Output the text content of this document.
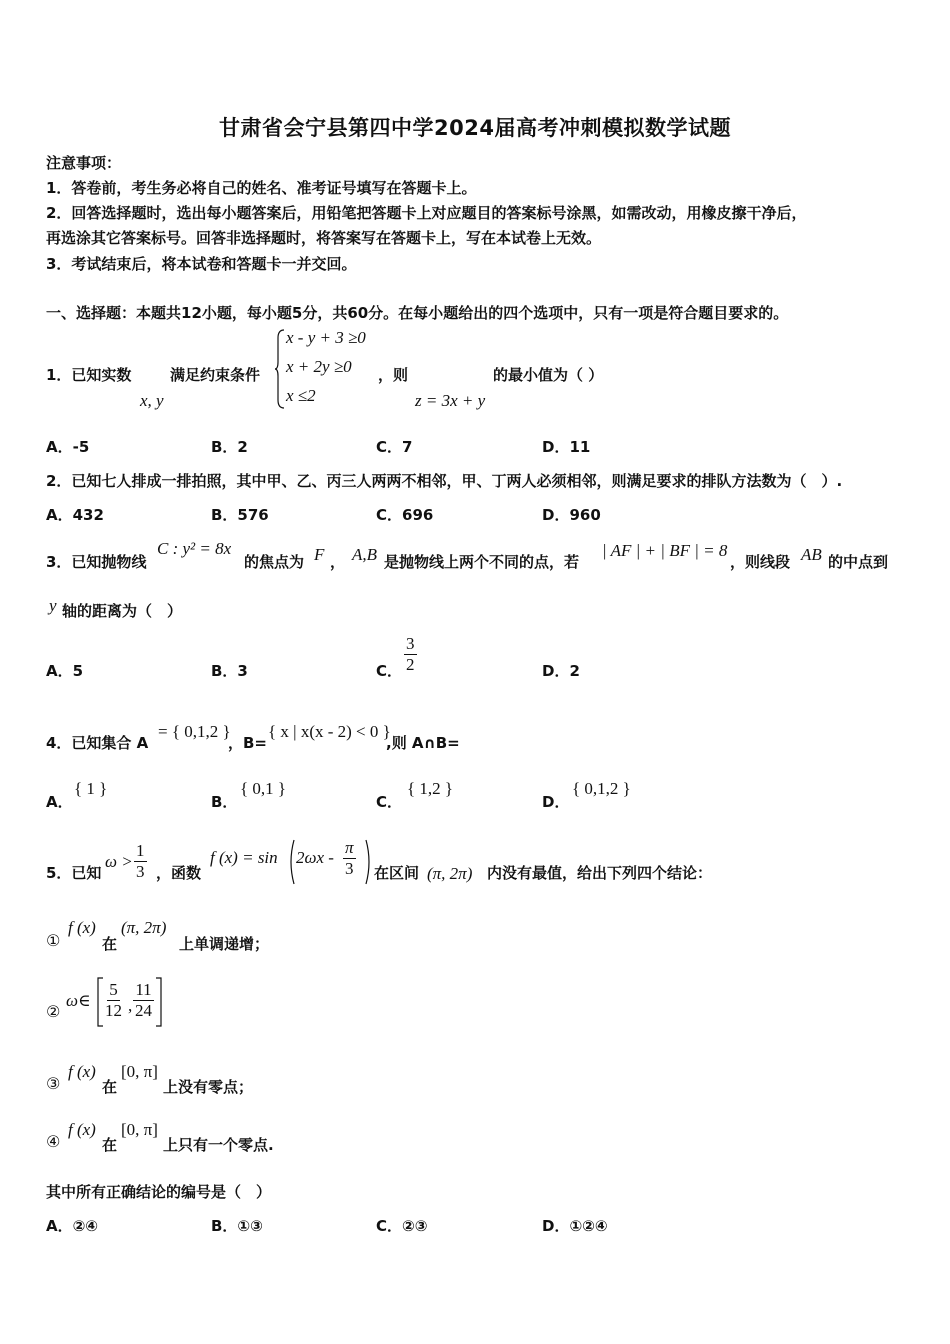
甘肃省会宁县第四中学2024届高考冲刺模拟数学试题
注意事项：
1．答卷前，考生务必将自己的姓名、准考证号填写在答题卡上。
2．回答选择题时，选出每小题答案后，用铅笔把答题卡上对应题目的答案标号涂黑，如需改动，用橡皮擦干净后，
再选涂其它答案标号。回答非选择题时，将答案写在答题卡上，写在本试卷上无效。
3．考试结束后，将本试卷和答题卡一并交回。
一、选择题：本题共12小题，每小题5分，共60分。在每小题给出的四个选项中，只有一项是符合题目要求的。
1．已知实数
x, y
满足约束条件
x - y + 3 ≥0
x + 2y ≥0
x ≤2
，则
z = 3x + y
的最小值为（ ）
A．-5	B．2	C．7	D．11
2．已知七人排成一排拍照，其中甲、乙、丙三人两两不相邻，甲、丁两人必须相邻，则满足要求的排队方法数为（　）.
A．432	B．576	C．696	D．960
3．已知抛物线
C : y² = 8x
的焦点为 F ， A,B 是抛物线上两个不同的点，若
| AF | + | BF | = 8
，则线段 AB 的中点到
y 轴的距离为（　）
A．5	B．3	C． $\frac{3}{2}$	D．2
4．已知集合 A
= { 0,1,2 }
，B=
{ x | x(x - 2) < 0 }
,则 A∩B=
A．
{ 1 }
B．
{ 0,1 }
C．
{ 1,2 }
D．
{ 0,1,2 }
5．已知
$\omega > \frac{1}{3}$ ，函数
f $(x) = \sin 2\omega x - \frac{\pi}{3}$ 在区间 (π, 2π) 内没有最值，给出下列四个结论：
①
f (x)
在
(π, 2π)
上单调递增；
②
ω∈ $\frac{5}{12}$ , $\frac{11}{24}$
③
f (x)
在
[0, π]
上没有零点；
④
f (x)
在
[0, π]
上只有一个零点.
其中所有正确结论的编号是（　）
A．②④	B．①③	C．②③	D．①②④
